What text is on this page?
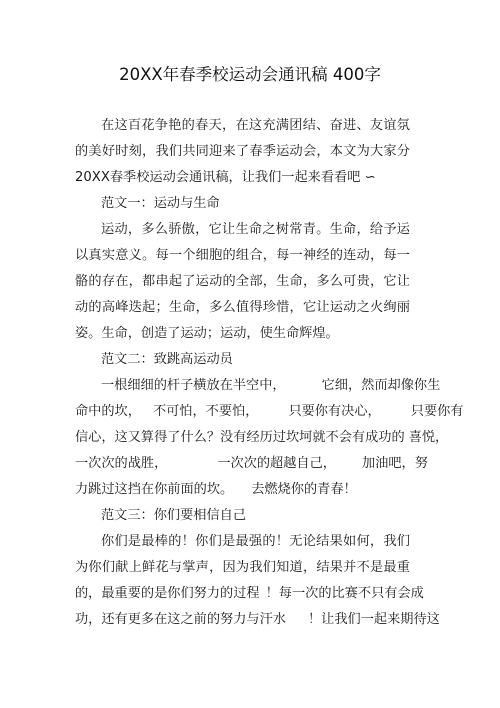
20XX年春季校运动会通讯稿 400字
在这百花争艳的春天，在这充满团结、奋进、友谊氛
的美好时刻，我们共同迎来了春季运动会，本文为大家分
20XX春季校运动会通讯稿，让我们一起来看看吧 ∽
范文一：运动与生命
运动，多么骄傲，它让生命之树常青。生命，给予运
以真实意义。每一个细胞的组合，每一神经的连动，每一
骼的存在，都串起了运动的全部，生命，多么可贵，它让
动的高峰迭起；生命，多么值得珍惜，它让运动之火绚丽
姿。生命，创造了运动；运动，使生命辉煌。
范文二：致跳高运动员
一根细细的杆子横放在半空中，	它细，然而却像你生
命中的坎， 不可怕，不要怕， 只要你有决心， 只要你有
信心，这又算得了什么？没有经历过坎坷就不会有成功的 喜悦，
一次次的战胜，	一次次的超越自己， 加油吧，努
力跳过这挡在你前面的坎。 去燃烧你的青春！
范文三：你们要相信自己
你们是最棒的！你们是最强的！无论结果如何，我们
为你们献上鲜花与掌声，因为我们知道，结果并不是最重
的，最重要的是你们努力的过程 ！每一次的比赛不只有会成
功，还有更多在这之前的努力与汗水 ！让我们一起来期待这
